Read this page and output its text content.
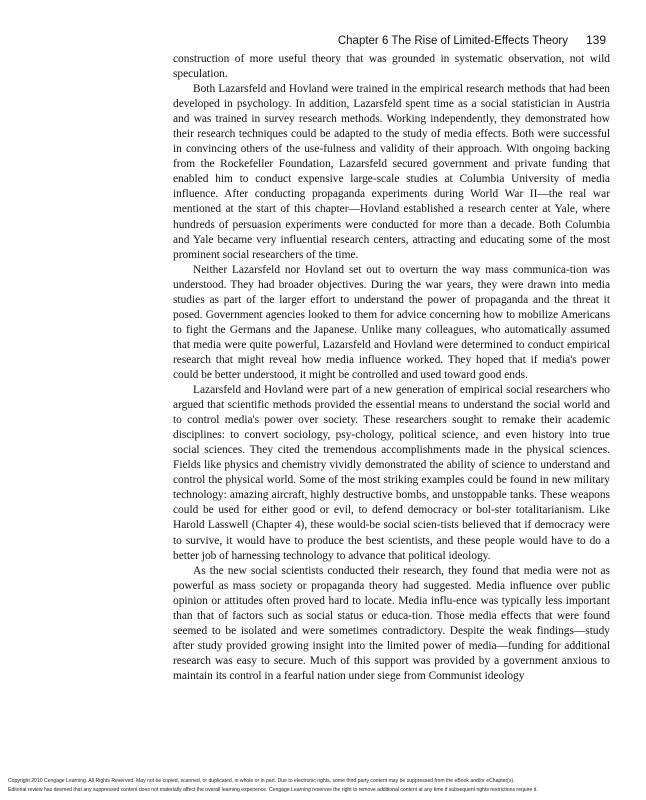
Chapter 6 The Rise of Limited-Effects Theory 139

construction of more useful theory that was grounded in systematic observation, not wild speculation.

Both Lazarsfeld and Hovland were trained in the empirical research methods that had been developed in psychology. In addition, Lazarsfeld spent time as a social statistician in Austria and was trained in survey research methods. Working independently, they demonstrated how their research techniques could be adapted to the study of media effects. Both were successful in convincing others of the use-fulness and validity of their approach. With ongoing backing from the Rockefeller Foundation, Lazarsfeld secured government and private funding that enabled him to conduct expensive large-scale studies at Columbia University of media influence. After conducting propaganda experiments during World War II—the real war mentioned at the start of this chapter—Hovland established a research center at Yale, where hundreds of persuasion experiments were conducted for more than a decade. Both Columbia and Yale became very influential research centers, attracting and educating some of the most prominent social researchers of the time.

Neither Lazarsfeld nor Hovland set out to overturn the way mass communica-tion was understood. They had broader objectives. During the war years, they were drawn into media studies as part of the larger effort to understand the power of propaganda and the threat it posed. Government agencies looked to them for advice concerning how to mobilize Americans to fight the Germans and the Japanese. Unlike many colleagues, who automatically assumed that media were quite powerful, Lazarsfeld and Hovland were determined to conduct empirical research that might reveal how media influence worked. They hoped that if media's power could be better understood, it might be controlled and used toward good ends.

Lazarsfeld and Hovland were part of a new generation of empirical social researchers who argued that scientific methods provided the essential means to understand the social world and to control media's power over society. These researchers sought to remake their academic disciplines: to convert sociology, psy-chology, political science, and even history into true social sciences. They cited the tremendous accomplishments made in the physical sciences. Fields like physics and chemistry vividly demonstrated the ability of science to understand and control the physical world. Some of the most striking examples could be found in new military technology: amazing aircraft, highly destructive bombs, and unstoppable tanks. These weapons could be used for either good or evil, to defend democracy or bol-ster totalitarianism. Like Harold Lasswell (Chapter 4), these would-be social scien-tists believed that if democracy were to survive, it would have to produce the best scientists, and these people would have to do a better job of harnessing technology to advance that political ideology.

As the new social scientists conducted their research, they found that media were not as powerful as mass society or propaganda theory had suggested. Media influence over public opinion or attitudes often proved hard to locate. Media influ-ence was typically less important than that of factors such as social status or educa-tion. Those media effects that were found seemed to be isolated and were sometimes contradictory. Despite the weak findings—study after study provided growing insight into the limited power of media—funding for additional research was easy to secure. Much of this support was provided by a government anxious to maintain its control in a fearful nation under siege from Communist ideology

Copyright 2010 Cengage Learning. All Rights Reserved. May not be copied, scanned, or duplicated, in whole or in part. Due to electronic rights, some third party content may be suppressed from the eBook and/or eChapter(s).
Editorial review has deemed that any suppressed content does not materially affect the overall learning experience. Cengage Learning reserves the right to remove additional content at any time if subsequent rights restrictions require it.
